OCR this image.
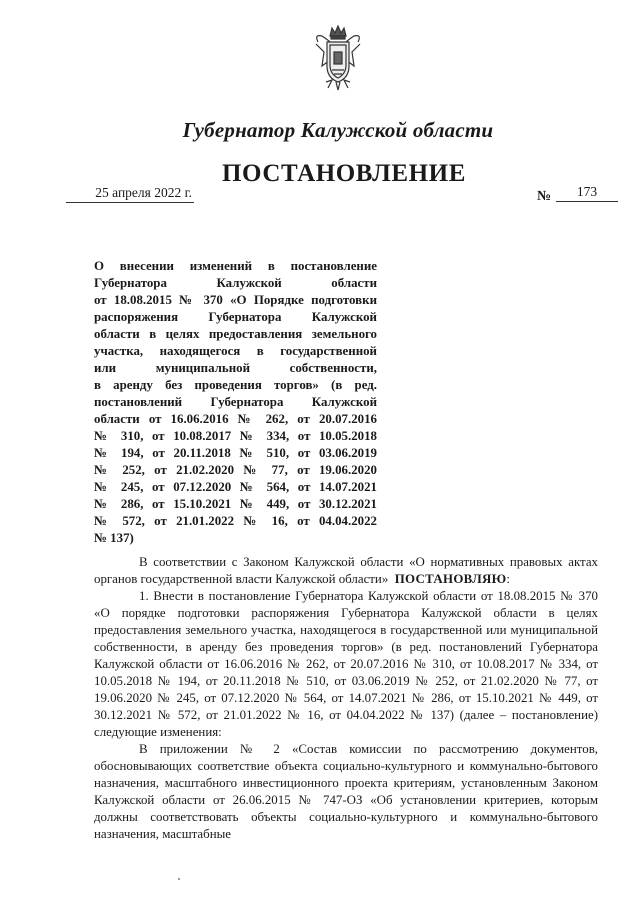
Губернатор Калужской области
ПОСТАНОВЛЕНИЕ
25 апреля 2022 г.	№	173
О внесении изменений в постановление
Губернатора Калужской области
от 18.08.2015 № 370 «О Порядке подготовки
распоряжения Губернатора Калужской
области в целях предоставления земельного
участка, находящегося в государственной
или муниципальной собственности,
в аренду без проведения торгов» (в ред.
постановлений Губернатора Калужской
области от 16.06.2016 № 262, от 20.07.2016
№ 310, от 10.08.2017 № 334, от 10.05.2018
№ 194, от 20.11.2018 № 510, от 03.06.2019
№ 252, от 21.02.2020 № 77, от 19.06.2020
№ 245, от 07.12.2020 № 564, от 14.07.2021
№ 286, от 15.10.2021 № 449, от 30.12.2021
№ 572, от 21.01.2022 № 16, от 04.04.2022
№ 137)

В соответствии с Законом Калужской области «О нормативных правовых актах органов государственной власти Калужской области» ПОСТАНОВЛЯЮ:

1. Внести в постановление Губернатора Калужской области от 18.08.2015 № 370 «О порядке подготовки распоряжения Губернатора Калужской области в целях предоставления земельного участка, находящегося в государственной или муниципальной собственности, в аренду без проведения торгов» (в ред. постановлений Губернатора Калужской области от 16.06.2016 № 262, от 20.07.2016 № 310, от 10.08.2017 № 334, от 10.05.2018 № 194, от 20.11.2018 № 510, от 03.06.2019 № 252, от 21.02.2020 № 77, от 19.06.2020 № 245, от 07.12.2020 № 564, от 14.07.2021 № 286, от 15.10.2021 № 449, от 30.12.2021 № 572, от 21.01.2022 № 16, от 04.04.2022 № 137) (далее – постановление) следующие изменения:

В приложении № 2 «Состав комиссии по рассмотрению документов, обосновывающих соответствие объекта социально-культурного и коммунально-бытового назначения, масштабного инвестиционного проекта критериям, установленным Законом Калужской области от 26.06.2015 № 747-ОЗ «Об установлении критериев, которым должны соответствовать объекты социально-культурного и коммунально-бытового назначения, масштабные
